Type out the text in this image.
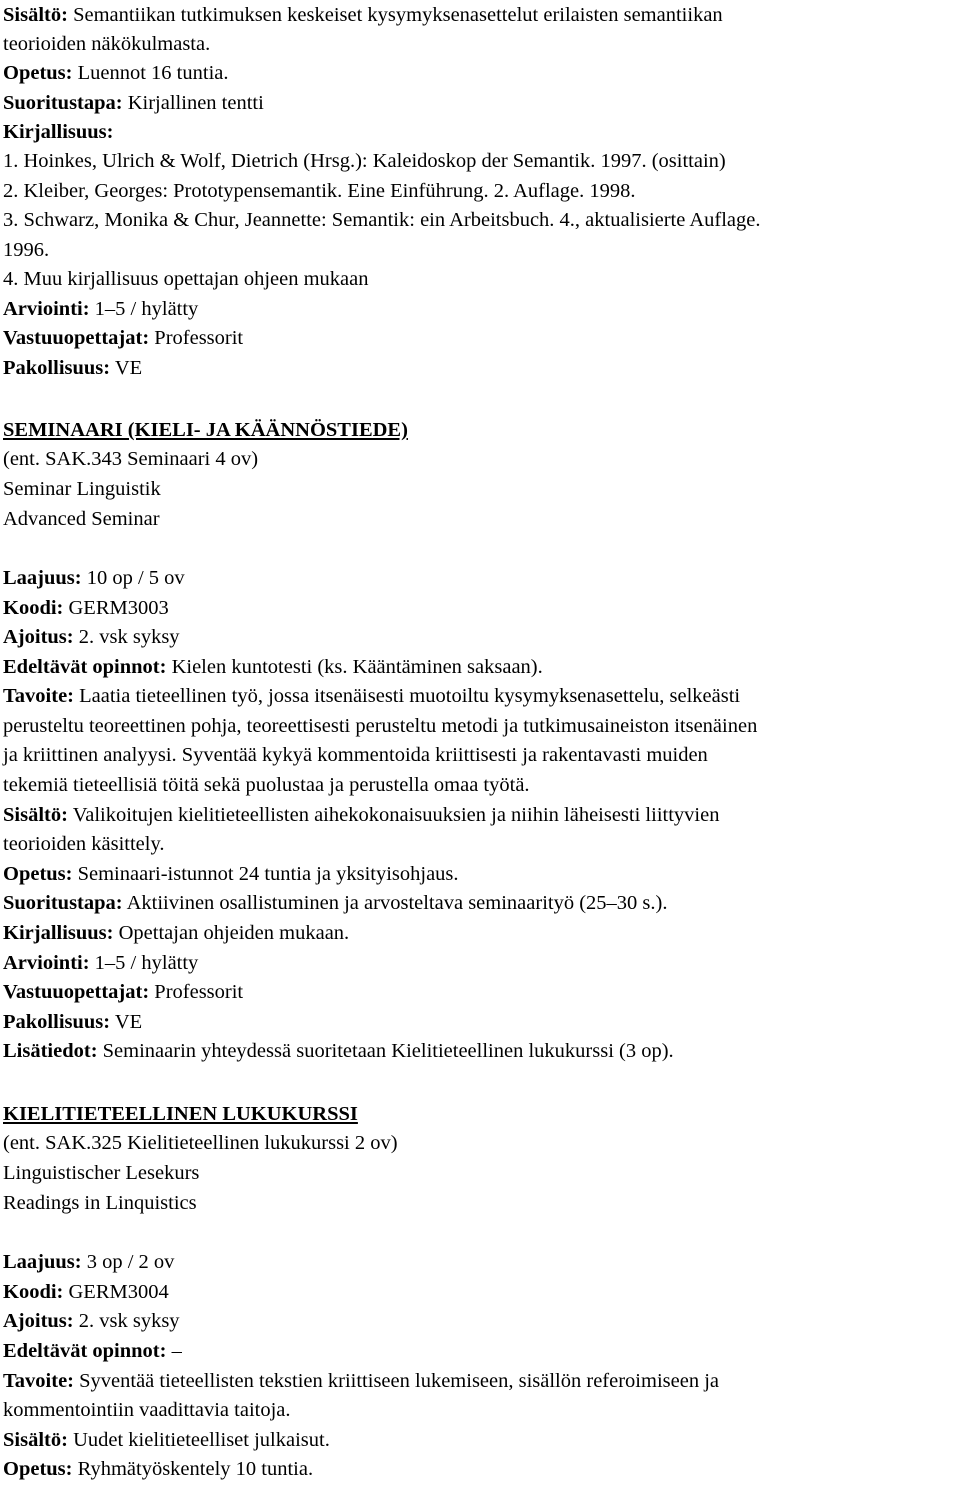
Sisältö: Semantiikan tutkimuksen keskeiset kysymyksenasettelut erilaisten semantiikan
teorioiden näkökulmasta.
Opetus: Luennot 16 tuntia.
Suoritustapa: Kirjallinen tentti
Kirjallisuus:
1. Hoinkes, Ulrich & Wolf, Dietrich (Hrsg.): Kaleidoskop der Semantik. 1997. (osittain)
2. Kleiber, Georges: Prototypensemantik. Eine Einführung. 2. Auflage. 1998.
3. Schwarz, Monika & Chur, Jeannette: Semantik: ein Arbeitsbuch. 4., aktualisierte Auflage.
1996.
4. Muu kirjallisuus opettajan ohjeen mukaan
Arviointi: 1–5 / hylätty
Vastuuopettajat: Professorit
Pakollisuus: VE
SEMINAARI (KIELI- JA KÄÄNNÖSTIEDE)
(ent. SAK.343 Seminaari 4 ov)
Seminar Linguistik
Advanced Seminar
Laajuus: 10 op / 5 ov
Koodi: GERM3003
Ajoitus: 2. vsk syksy
Edeltävät opinnot: Kielen kuntotesti (ks. Kääntäminen saksaan).
Tavoite: Laatia tieteellinen työ, jossa itsenäisesti muotoiltu kysymyksenasettelu, selkeästi
perusteltu teoreettinen pohja, teoreettisesti perusteltu metodi ja tutkimusaineiston itsenäinen
ja kriittinen analyysi. Syventää kykyä kommentoida kriittisesti ja rakentavasti muiden
tekemiä tieteellisiä töitä sekä puolustaa ja perustella omaa työtä.
Sisältö: Valikoitujen kielitieteellisten aihekokonaisuuksien ja niihin läheisesti liittyvien
teorioiden käsittely.
Opetus: Seminaari-istunnot 24 tuntia ja yksityisohjaus.
Suoritustapa: Aktiivinen osallistuminen ja arvosteltava seminaarityö (25–30 s.).
Kirjallisuus: Opettajan ohjeiden mukaan.
Arviointi: 1–5 / hylätty
Vastuuopettajat: Professorit
Pakollisuus: VE
Lisätiedot: Seminaarin yhteydessä suoritetaan Kielitieteellinen lukukurssi (3 op).
KIELITIETEELLINEN LUKUKURSSI
(ent. SAK.325 Kielitieteellinen lukukurssi 2 ov)
Linguistischer Lesekurs
Readings in Linquistics
Laajuus: 3 op / 2 ov
Koodi: GERM3004
Ajoitus: 2. vsk syksy
Edeltävät opinnot: –
Tavoite: Syventää tieteellisten tekstien kriittiseen lukemiseen, sisällön referoimiseen ja
kommentointiin vaadittavia taitoja.
Sisältö: Uudet kielitieteelliset julkaisut.
Opetus: Ryhmätyöskentely 10 tuntia.
